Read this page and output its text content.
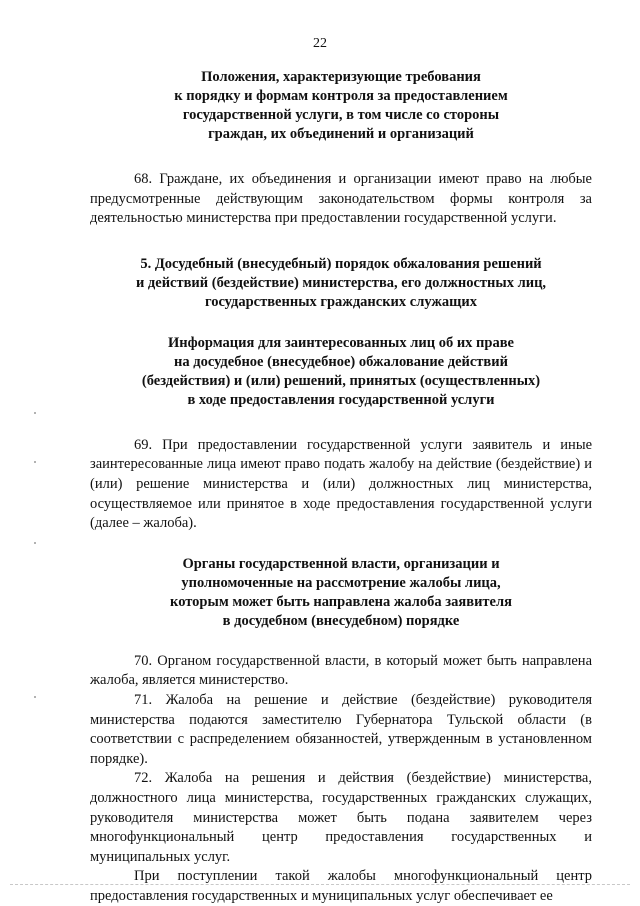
22

Положения, характеризующие требования
к порядку и формам контроля за предоставлением
государственной услуги, в том числе со стороны
граждан, их объединений и организаций

68. Граждане, их объединения и организации имеют право на любые предусмотренные действующим законодательством формы контроля за деятельностью министерства при предоставлении государственной услуги.

5. Досудебный (внесудебный) порядок обжалования решений
и действий (бездействие) министерства, его должностных лиц,
государственных гражданских служащих

Информация для заинтересованных лиц об их праве
на досудебное (внесудебное) обжалование действий
(бездействия) и (или) решений, принятых (осуществленных)
в ходе предоставления государственной услуги

69. При предоставлении государственной услуги заявитель и иные заинтересованные лица имеют право подать жалобу на действие (бездействие) и (или) решение министерства и (или) должностных лиц министерства, осуществляемое или принятое в ходе предоставления государственной услуги (далее – жалоба).

Органы государственной власти, организации и
уполномоченные на рассмотрение жалобы лица,
которым может быть направлена жалоба заявителя
в досудебном (внесудебном) порядке

70. Органом государственной власти, в который может быть направлена жалоба, является министерство.

71. Жалоба на решение и действие (бездействие) руководителя министерства подаются заместителю Губернатора Тульской области (в соответствии с распределением обязанностей, утвержденным в установленном порядке).

72. Жалоба на решения и действия (бездействие) министерства, должностного лица министерства, государственных гражданских служащих, руководителя министерства может быть подана заявителем через многофункциональный центр предоставления государственных и муниципальных услуг.

При поступлении такой жалобы многофункциональный центр предоставления государственных и муниципальных услуг обеспечивает ее
